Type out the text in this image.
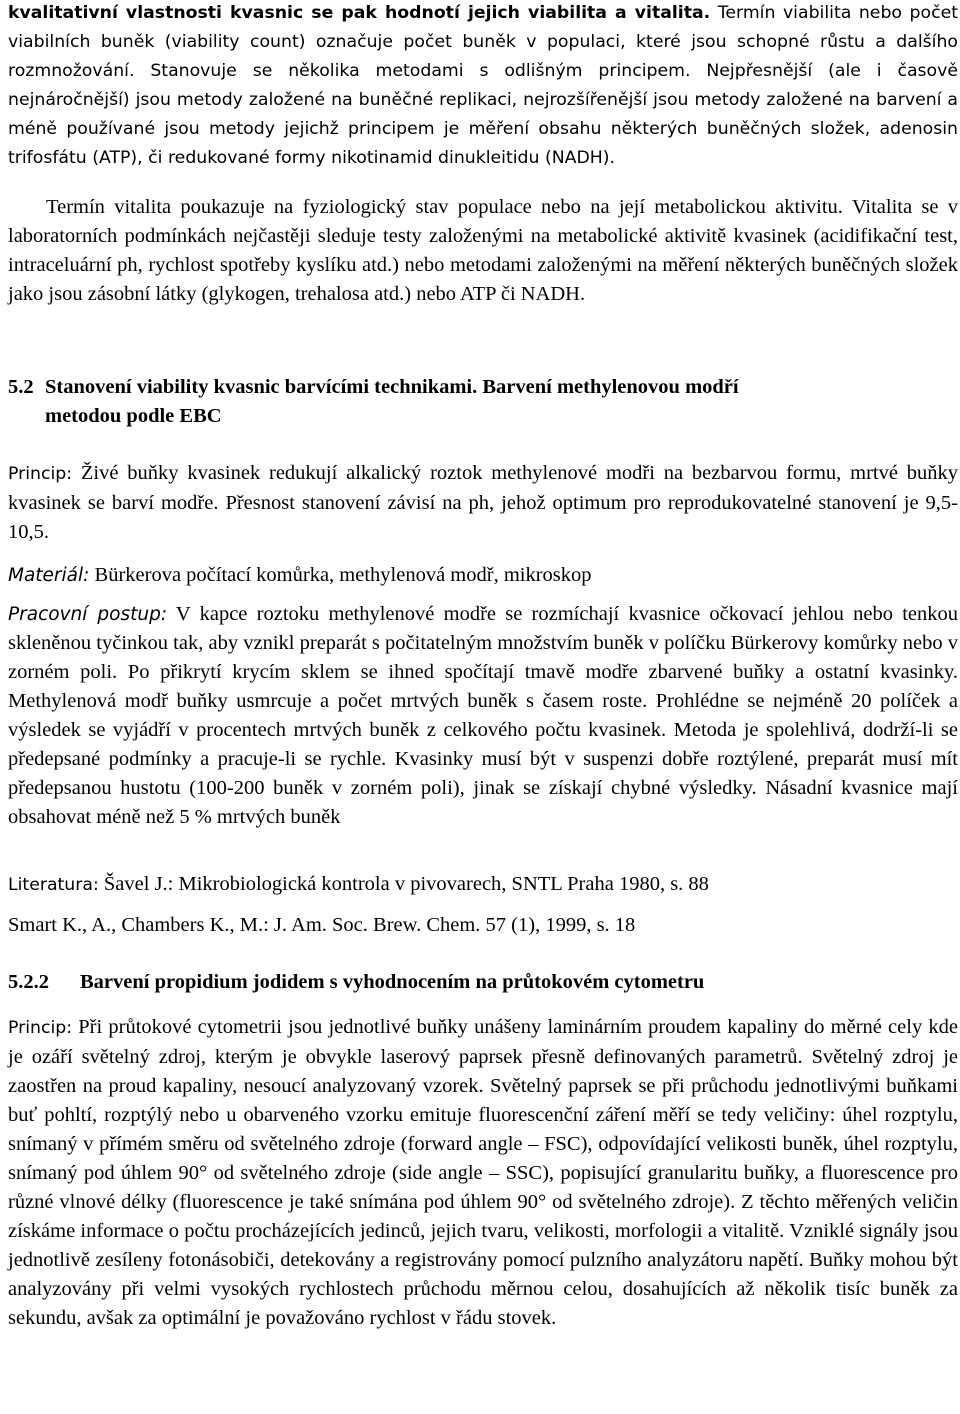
kvalitativní vlastnosti kvasnic se pak hodnotí jejich viabilita a vitalita. Termín viabilita nebo počet viabilních buněk (viability count) označuje počet buněk v populaci, které jsou schopné růstu a dalšího rozmnožování. Stanovuje se několika metodami s odlišným principem. Nejpřesnější (ale i časově nejnáročnější) jsou metody založené na buněčné replikaci, nejrozšířenější jsou metody založené na barvení a méně používané jsou metody jejichž principem je měření obsahu některých buněčných složek, adenosin trifosfátu (ATP), či redukované formy nikotinamid dinukleitidu (NADH).

Termín vitalita poukazuje na fyziologický stav populace nebo na její metabolickou aktivitu. Vitalita se v laboratorních podmínkách nejčastěji sleduje testy založenými na metabolické aktivitě kvasinek (acidifikační test, intraceluární ph, rychlost spotřeby kyslíku atd.) nebo metodami založenými na měření některých buněčných složek jako jsou zásobní látky (glykogen, trehalosa atd.) nebo ATP či NADH.

5.2 Stanovení viability kvasnic barvícími technikami. Barvení methylenovou modří
metodou podle EBC

Princip: Živé buňky kvasinek redukují alkalický roztok methylenové modři na bezbarvou formu, mrtvé buňky kvasinek se barví modře. Přesnost stanovení závisí na ph, jehož optimum pro reprodukovatelné stanovení je 9,5-10,5.

Materiál: Bürkerova počítací komůrka, methylenová modř, mikroskop

Pracovní postup: V kapce roztoku methylenové modře se rozmíchají kvasnice očkovací jehlou nebo tenkou skleněnou tyčinkou tak, aby vznikl preparát s počitatelným množstvím buněk v políčku Bürkerovy komůrky nebo v zorném poli. Po přikrytí krycím sklem se ihned spočítají tmavě modře zbarvené buňky a ostatní kvasinky. Methylenová modř buňky usmrcuje a počet mrtvých buněk s časem roste. Prohlédne se nejméně 20 políček a výsledek se vyjádří v procentech mrtvých buněk z celkového počtu kvasinek. Metoda je spolehlivá, dodrží-li se předepsané podmínky a pracuje-li se rychle. Kvasinky musí být v suspenzi dobře roztýlené, preparát musí mít předepsanou hustotu (100-200 buněk v zorném poli), jinak se získají chybné výsledky. Násadní kvasnice mají obsahovat méně než 5 % mrtvých buněk

Literatura: Šavel J.: Mikrobiologická kontrola v pivovarech, SNTL Praha 1980, s. 88

Smart K., A., Chambers K., M.: J. Am. Soc. Brew. Chem. 57 (1), 1999, s. 18

5.2.2 Barvení propidium jodidem s vyhodnocením na průtokovém cytometru

Princip: Při průtokové cytometrii jsou jednotlivé buňky unášeny laminárním proudem kapaliny do měrné cely kde je ozáří světelný zdroj, kterým je obvykle laserový paprsek přesně definovaných parametrů. Světelný zdroj je zaostřen na proud kapaliny, nesoucí analyzovaný vzorek. Světelný paprsek se při průchodu jednotlivými buňkami buť pohltí, rozptýlý nebo u obarveného vzorku emituje fluorescenční záření měří se tedy veličiny: úhel rozptylu, snímaný v přímém směru od světelného zdroje (forward angle – FSC), odpovídající velikosti buněk, úhel rozptylu, snímaný pod úhlem 90° od světelného zdroje (side angle – SSC), popisující granularitu buňky, a fluorescence pro různé vlnové délky (fluorescence je také snímána pod úhlem 90° od světelného zdroje). Z těchto měřených veličin získáme informace o počtu procházejících jedinců, jejich tvaru, velikosti, morfologii a vitalitě. Vzniklé signály jsou jednotlivě zesíleny fotonásobiči, detekovány a registrovány pomocí pulzního analyzátoru napětí. Buňky mohou být analyzovány při velmi vysokých rychlostech průchodu měrnou celou, dosahujících až několik tisíc buněk za sekundu, avšak za optimální je považováno rychlost v řádu stovek.
